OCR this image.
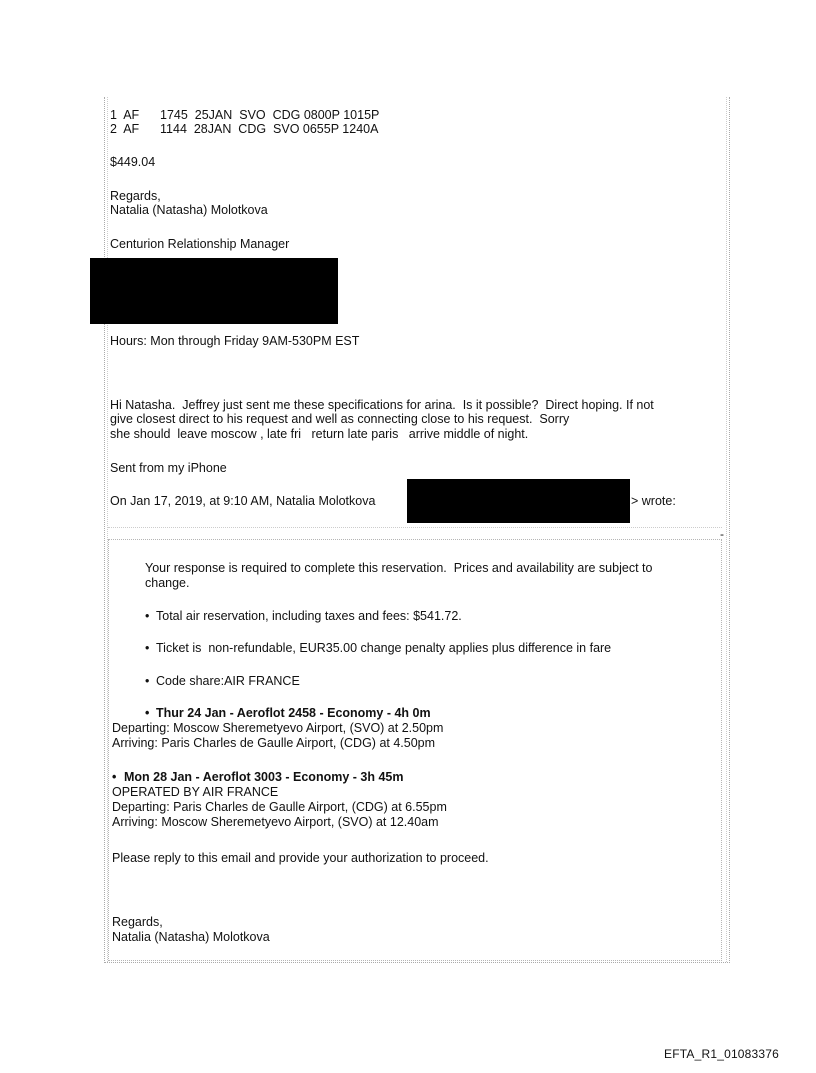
1  AF      1745  25JAN  SVO  CDG 0800P 1015P
2  AF      1144  28JAN  CDG  SVO 0655P 1240A
$449.04
Regards,
Natalia (Natasha) Molotkova
Centurion Relationship Manager
Hours: Mon through Friday 9AM-530PM EST
Hi Natasha.  Jeffrey just sent me these specifications for arina.  Is it possible?  Direct hoping. If not
give closest direct to his request and well as connecting close to his request.  Sorry
she should  leave moscow , late fri   return late paris   arrive middle of night.
Sent from my iPhone
On Jan 17, 2019, at 9:10 AM, Natalia Molotkova	> wrote:
-
Your response is required to complete this reservation.  Prices and availability are subject to
change.
• Total air reservation, including taxes and fees: $541.72.
• Ticket is  non-refundable, EUR35.00 change penalty applies plus difference in fare
• Code share:AIR FRANCE
• Thur 24 Jan - Aeroflot 2458 - Economy - 4h 0m
Departing: Moscow Sheremetyevo Airport, (SVO) at 2.50pm
Arriving: Paris Charles de Gaulle Airport, (CDG) at 4.50pm
• Mon 28 Jan - Aeroflot 3003 - Economy - 3h 45m
OPERATED BY AIR FRANCE
Departing: Paris Charles de Gaulle Airport, (CDG) at 6.55pm
Arriving: Moscow Sheremetyevo Airport, (SVO) at 12.40am
Please reply to this email and provide your authorization to proceed.
Regards,
Natalia (Natasha) Molotkova
EFTA_R1_01083376
